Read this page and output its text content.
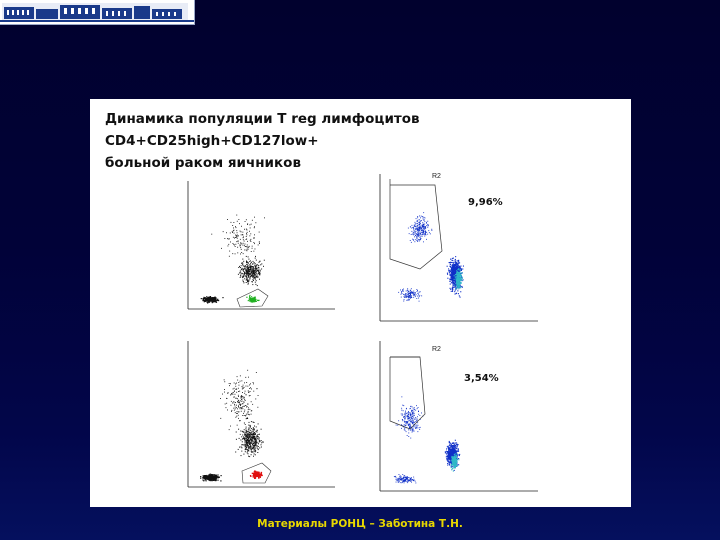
R2
9,96%
R2
3,54%
Динамика популяции T reg лимфоцитов
CD4+CD25high+CD127low+
больной раком яичников
Материалы РОНЦ – Заботина Т.Н.
